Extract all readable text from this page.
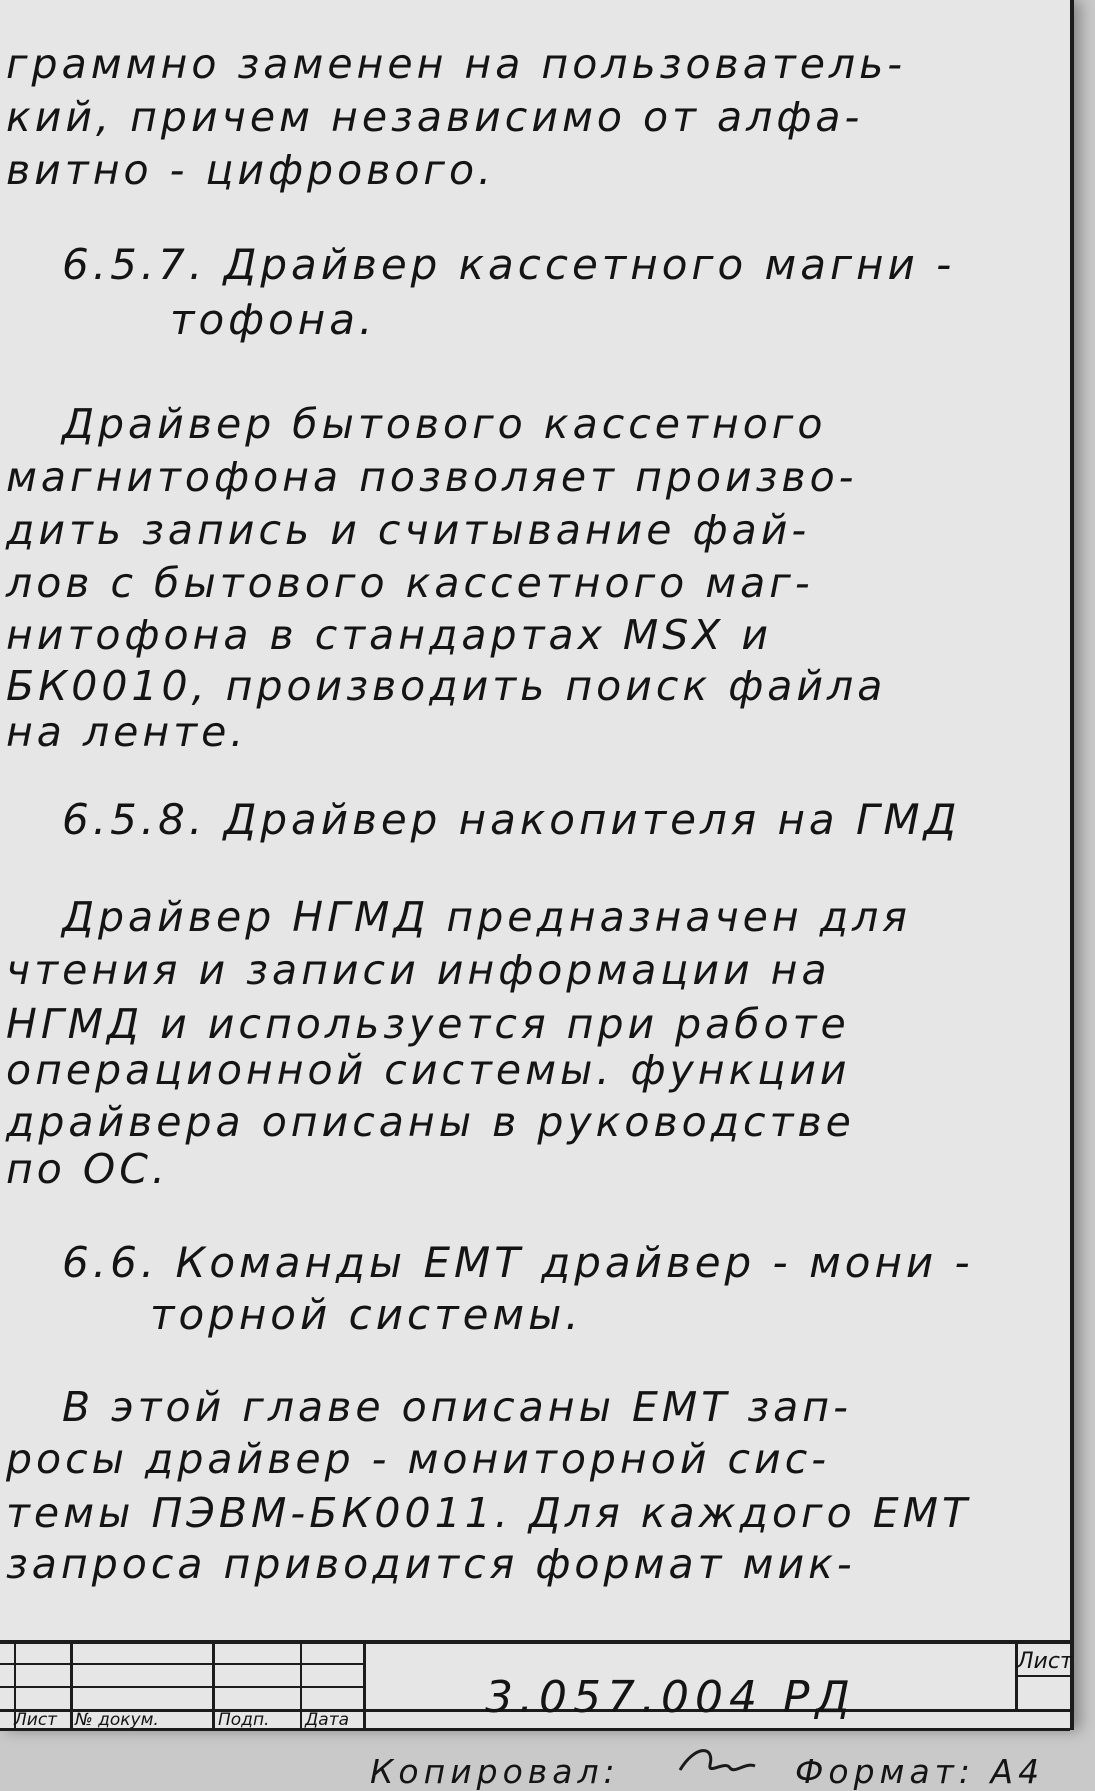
граммно заменен на пользователь-
кий, причем независимо от алфа-
витно - цифрового.
6.5.7. Драйвер кассетного магни -
тофона.
Драйвер бытового кассетного
магнитофона позволяет произво-
дить запись и считывание фай-
лов с бытового кассетного маг-
нитофона в стандартах MSX и
БК0010, производить поиск файла
на ленте.
6.5.8. Драйвер накопителя на ГМД
Драйвер НГМД предназначен для
чтения и записи информации на
НГМД и используется при работе
операционной системы. функции
драйвера описаны в руководстве
по ОС.
6.6. Команды ЕМТ драйвер - мони -
торной системы.
В этой главе описаны ЕМТ зап-
росы драйвер - мониторной сис-
темы ПЭВМ-БК0011. Для каждого ЕМТ
запроса приводится формат мик-
Лист № докум.	Подп. Дата
Лист
3.057.004 РД
Копировал:	Формат: А4
